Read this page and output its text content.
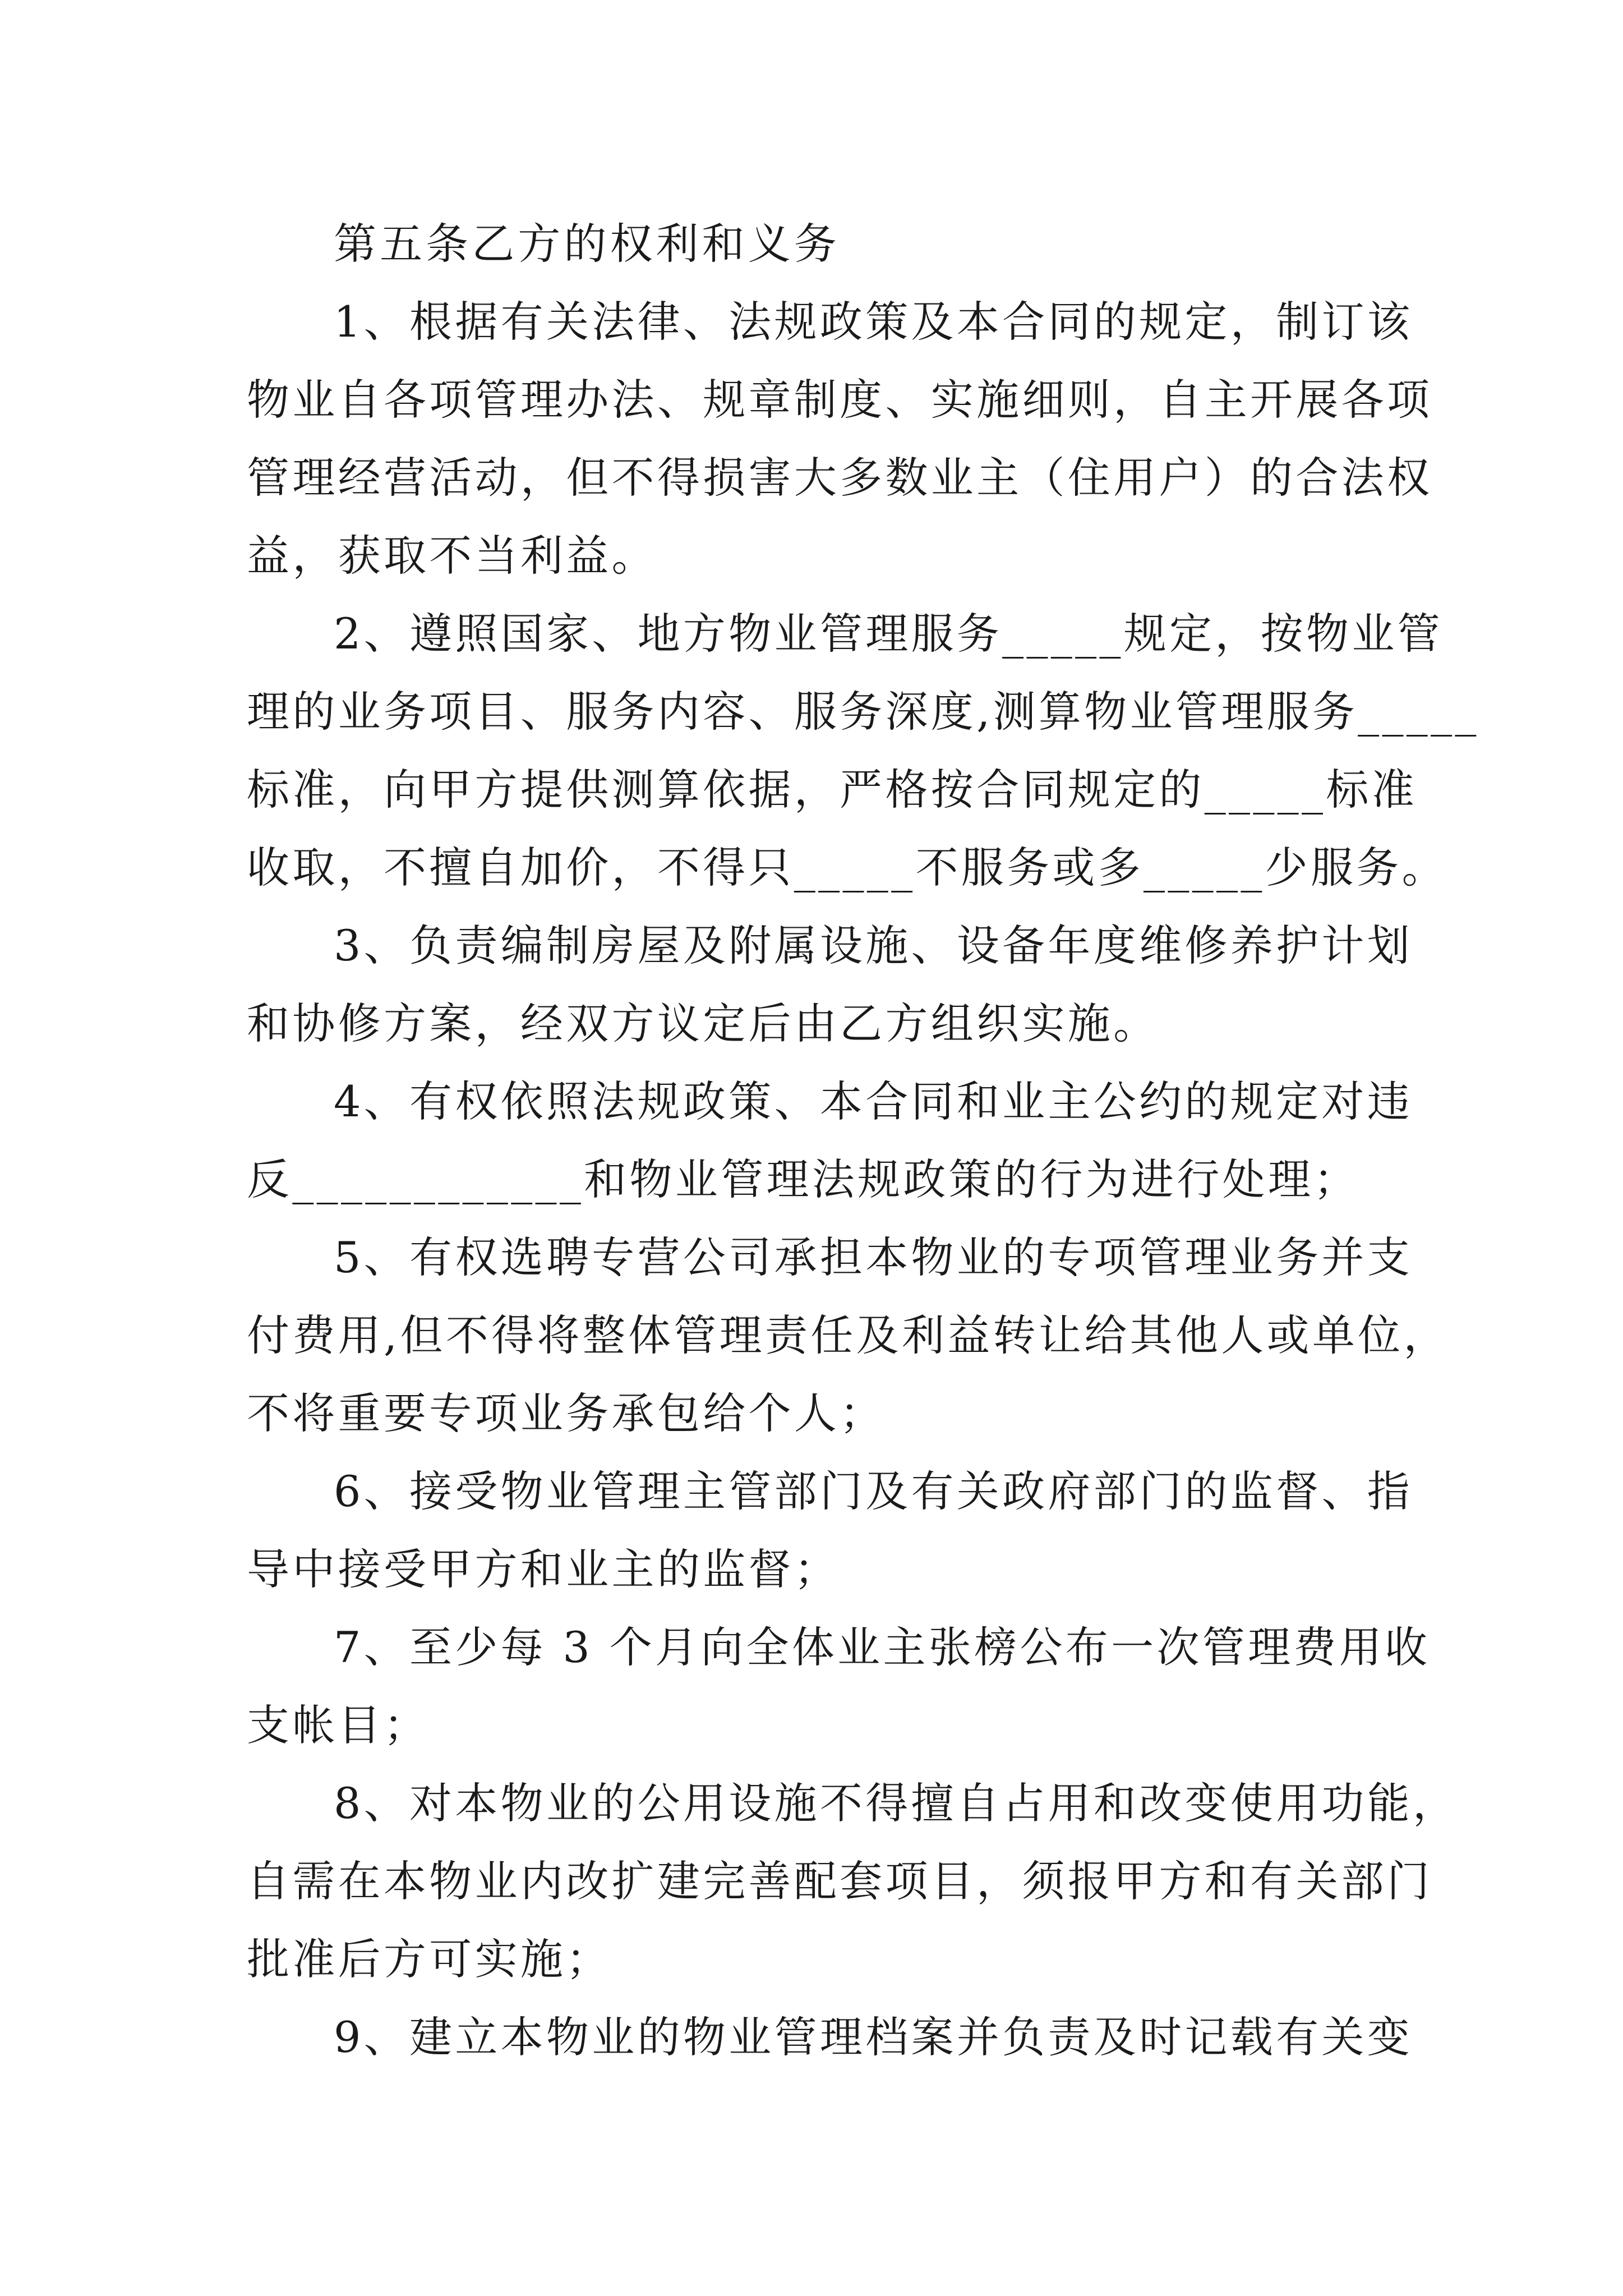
第五条乙方的权利和义务

1、根据有关法律、法规政策及本合同的规定，制订该
物业自各项管理办法、规章制度、实施细则，自主开展各项
管理经营活动，但不得损害大多数业主（住用户）的合法权
益，获取不当利益。

2、遵照国家、地方物业管理服务_____规定，按物业管
理的业务项目、服务内容、服务深度,测算物业管理服务_____
标准，向甲方提供测算依据，严格按合同规定的_____标准
收取，不擅自加价，不得只_____不服务或多_____少服务。

3、负责编制房屋及附属设施、设备年度维修养护计划
和协修方案，经双方议定后由乙方组织实施。

4、有权依照法规政策、本合同和业主公约的规定对违
反____________和物业管理法规政策的行为进行处理；

5、有权选聘专营公司承担本物业的专项管理业务并支
付费用,但不得将整体管理责任及利益转让给其他人或单位，
不将重要专项业务承包给个人；

6、接受物业管理主管部门及有关政府部门的监督、指
导中接受甲方和业主的监督；

7、至少每 3 个月向全体业主张榜公布一次管理费用收
支帐目；

8、对本物业的公用设施不得擅自占用和改变使用功能，
自需在本物业内改扩建完善配套项目，须报甲方和有关部门
批准后方可实施；

9、建立本物业的物业管理档案并负责及时记载有关变
